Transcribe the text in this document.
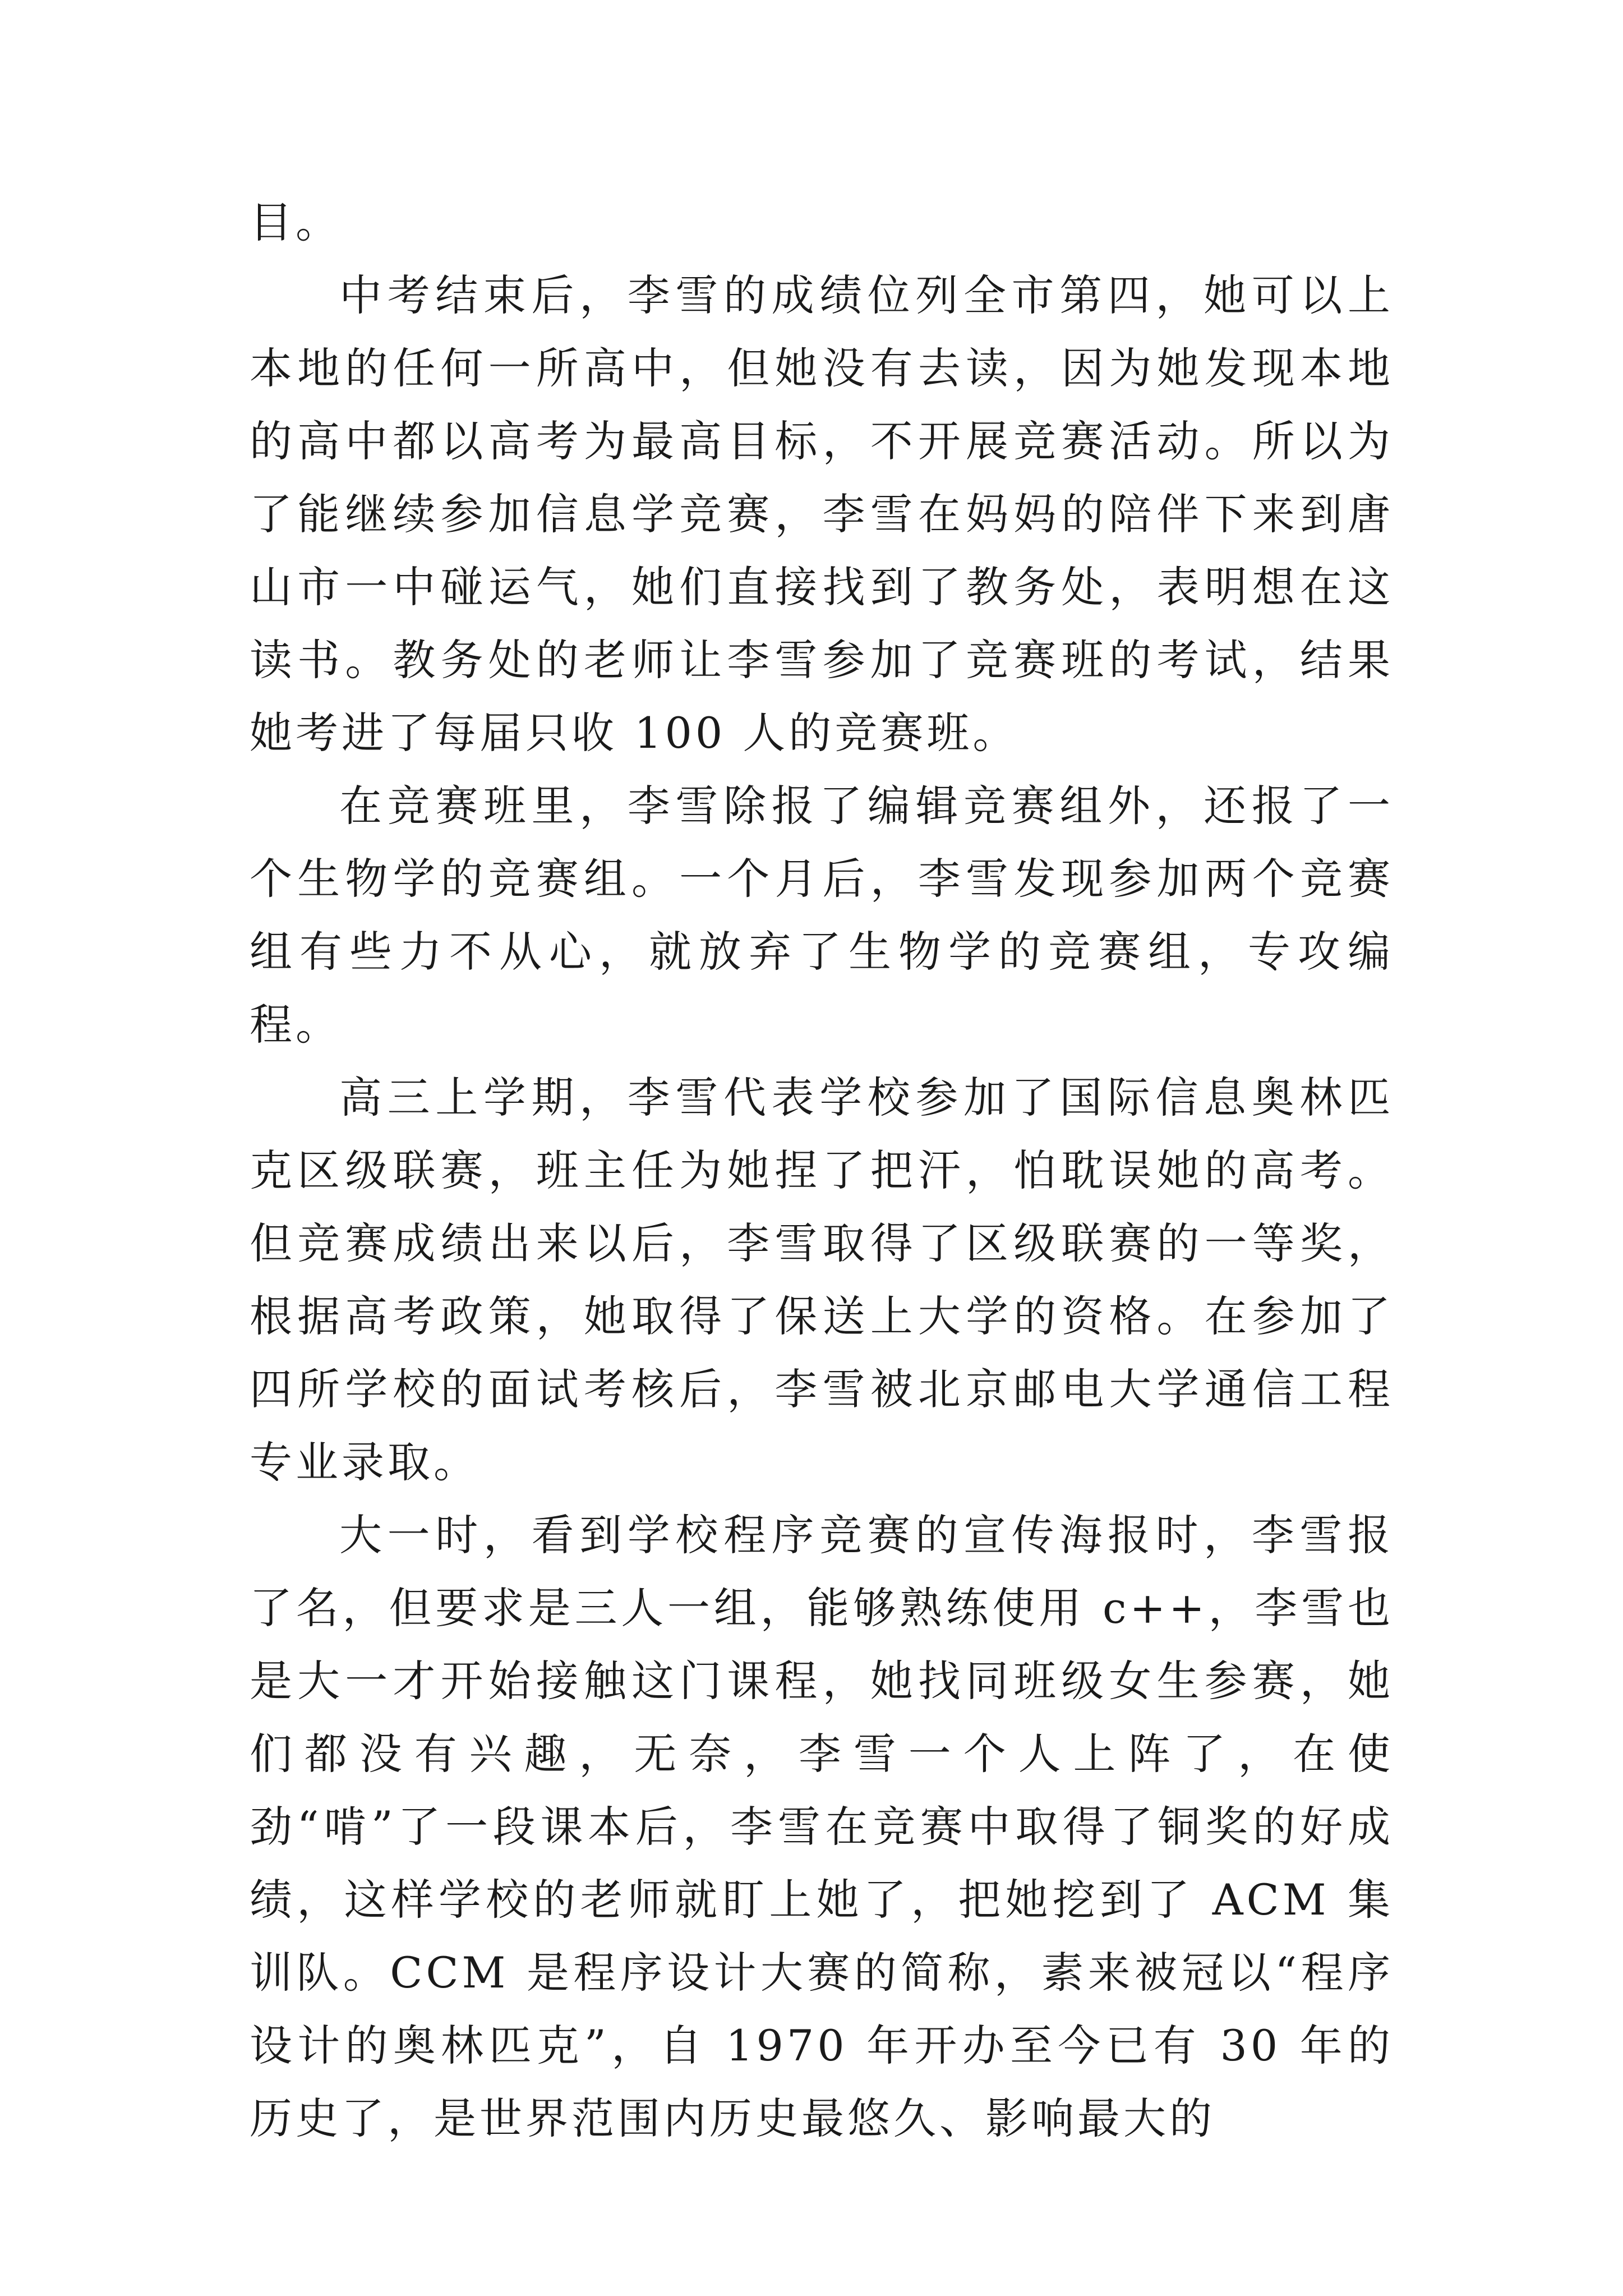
目。

中考结束后，李雪的成绩位列全市第四，她可以上本地的任何一所高中，但她没有去读，因为她发现本地的高中都以高考为最高目标，不开展竞赛活动。所以为了能继续参加信息学竞赛，李雪在妈妈的陪伴下来到唐山市一中碰运气，她们直接找到了教务处，表明想在这读书。教务处的老师让李雪参加了竞赛班的考试，结果她考进了每届只收 100 人的竞赛班。

在竞赛班里，李雪除报了编辑竞赛组外，还报了一个生物学的竞赛组。一个月后，李雪发现参加两个竞赛组有些力不从心，就放弃了生物学的竞赛组，专攻编程。

高三上学期，李雪代表学校参加了国际信息奥林匹克区级联赛，班主任为她捏了把汗，怕耽误她的高考。但竞赛成绩出来以后，李雪取得了区级联赛的一等奖，根据高考政策，她取得了保送上大学的资格。在参加了四所学校的面试考核后，李雪被北京邮电大学通信工程专业录取。

大一时，看到学校程序竞赛的宣传海报时，李雪报了名，但要求是三人一组，能够熟练使用 c++，李雪也是大一才开始接触这门课程，她找同班级女生参赛，她们都没有兴趣，无奈，李雪一个人上阵了，在使劲“啃”了一段课本后，李雪在竞赛中取得了铜奖的好成绩，这样学校的老师就盯上她了，把她挖到了 ACM 集训队。CCM 是程序设计大赛的简称，素来被冠以“程序设计的奥林匹克”，自 1970 年开办至今已有 30 年的历史了，是世界范围内历史最悠久、影响最大的
